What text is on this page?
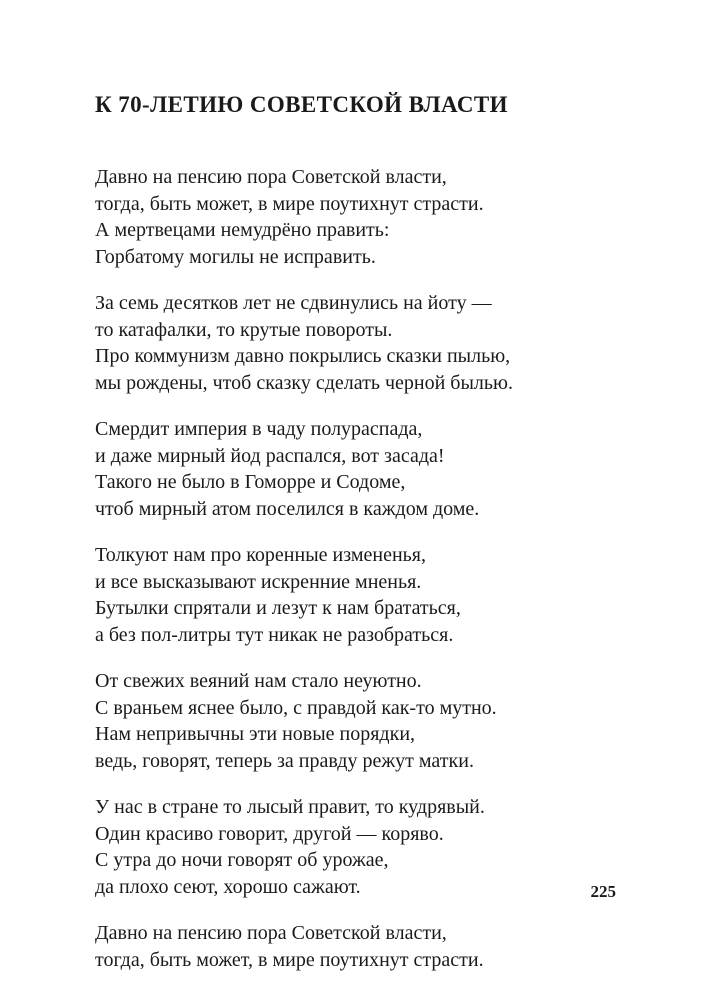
К 70-ЛЕТИЮ СОВЕТСКОЙ ВЛАСТИ
Давно на пенсию пора Советской власти,
тогда, быть может, в мире поутихнут страсти.
А мертвецами немудрёно править:
Горбатому могилы не исправить.
За семь десятков лет не сдвинулись на йоту —
то катафалки, то крутые повороты.
Про коммунизм давно покрылись сказки пылью,
мы рождены, чтоб сказку сделать черной былью.
Смердит империя в чаду полураспада,
и даже мирный йод распался, вот засада!
Такого не было в Гоморре и Содоме,
чтоб мирный атом поселился в каждом доме.
Толкуют нам про коренные измененья,
и все высказывают искренние мненья.
Бутылки спрятали и лезут к нам брататься,
а без пол-литры тут никак не разобраться.
От свежих веяний нам стало неуютно.
С враньем яснее было, с правдой как-то мутно.
Нам непривычны эти новые порядки,
ведь, говорят, теперь за правду режут матки.
У нас в стране то лысый правит, то кудрявый.
Один красиво говорит, другой — коряво.
С утра до ночи говорят об урожае,
да плохо сеют, хорошо сажают.
Давно на пенсию пора Советской власти,
тогда, быть может, в мире поутихнут страсти.
225
